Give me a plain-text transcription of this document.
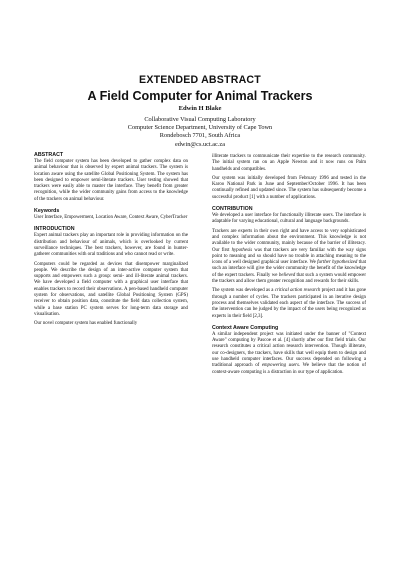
EXTENDED ABSTRACT
A Field Computer for Animal Trackers
Edwin H Blake
Collaborative Visual Computing Laboratory
Computer Science Department, University of Cape Town
Rondebosch 7701, South Africa
edwin@cs.uct.ac.za
ABSTRACT

The field computer system has been developed to gather complex data on animal behaviour that is observed by expert animal trackers. The system is location aware using the satellite Global Positioning System. The system has been designed to empower semi-literate trackers. User testing showed that trackers were easily able to master the interface. They benefit from greater recognition, while the wider community gains from access to the knowledge of the trackers on animal behaviour.

Keywords

User Interface, Empowerment, Location Aware, Context Aware, CyberTracker

INTRODUCTION

Expert animal trackers play an important role in providing information on the distribution and behaviour of animals, which is overlooked by current surveillance techniques. The best trackers, however, are found in hunter-gatherer communities with oral traditions and who cannot read or write.

Computers could be regarded as devices that disempower marginalized people. We describe the design of an inter-active computer system that supports and empowers such a group: semi- and ill-literate animal trackers. We have developed a field computer with a graphical user interface that enables trackers to record their observations. A pen-based handheld computer system for observations, and satellite Global Positioning System (GPS) receiver to obtain position data, constitute the field data collection system, while a base station PC system serves for long-term data storage and visualisation.

Our novel computer system has enabled functionally

illiterate trackers to communicate their expertise to the research community. The initial system ran on an Apple Newton and it now runs on Palm handhelds and compatibles.

Our system was initially developed from February 1996 and tested in the Karoo National Park in June and September/October 1996. It has been continually refined and updated since. The system has subsequently become a successful product [1] with a number of applications.

CONTRIBUTION

We developed a user interface for functionally illiterate users. The interface is adaptable for varying educational, cultural and language backgrounds.

Trackers are experts in their own right and have access to very sophisticated and complex information about the environment. This knowledge is not available to the wider community, mainly because of the barrier of illiteracy. Our first hypothesis was that trackers are very familiar with the way signs point to meaning and so should have no trouble in attaching meaning to the icons of a well designed graphical user interface. We further hypothesized that such an interface will give the wider community the benefit of the knowledge of the expert trackers. Finally we believed that such a system would empower the trackers and allow them greater recognition and rewards for their skills.

The system was developed as a critical action research project and it has gone through a number of cycles. The trackers participated in an iterative design process and themselves validated each aspect of the interface. The success of the intervention can be judged by the impact of the users being recognized as experts in their field [2,3].

Context Aware Computing

A similar independent project was initiated under the banner of "Context Aware" computing by Pascoe et al. [4] shortly after our first field trials. Our research constitutes a critical action research intervention. Though illiterate, our co-designers, the trackers, have skills that well equip them to design and use handheld computer interfaces. Our success depended on following a traditional approach of empowering users. We believe that the notion of context-aware computing is a distraction in our type of application.
